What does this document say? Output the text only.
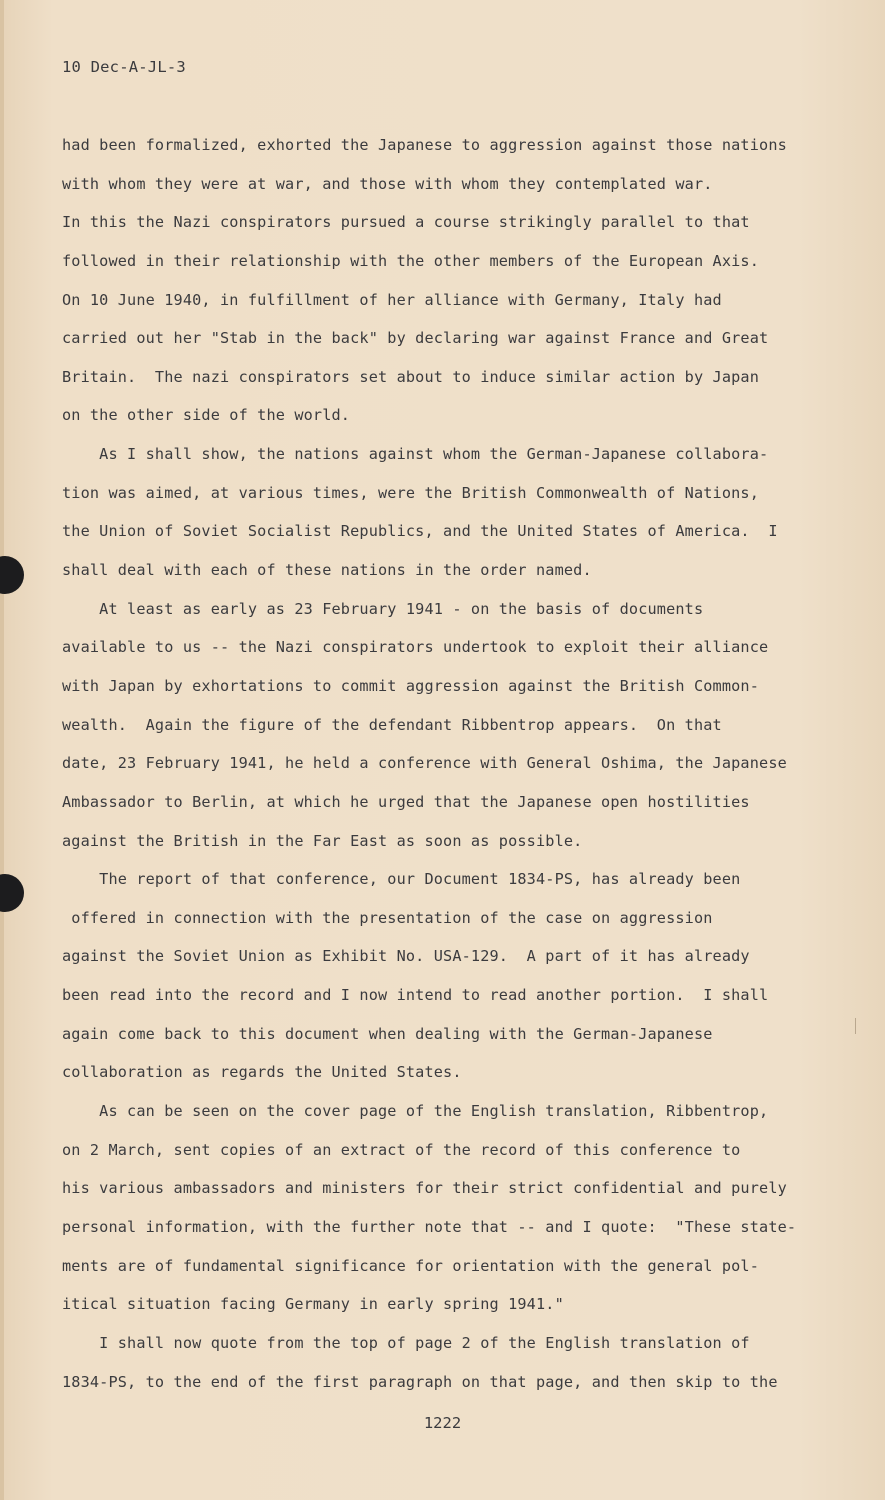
10 Dec-A-JL-3
had been formalized, exhorted the Japanese to aggression against those nations
with whom they were at war, and those with whom they contemplated war.
In this the Nazi conspirators pursued a course strikingly parallel to that
followed in their relationship with the other members of the European Axis.
On 10 June 1940, in fulfillment of her alliance with Germany, Italy had
carried out her "Stab in the back" by declaring war against France and Great
Britain.  The nazi conspirators set about to induce similar action by Japan
on the other side of the world.
As I shall show, the nations against whom the German-Japanese collabora-
tion was aimed, at various times, were the British Commonwealth of Nations,
the Union of Soviet Socialist Republics, and the United States of America.  I
shall deal with each of these nations in the order named.
At least as early as 23 February 1941 - on the basis of documents
available to us -- the Nazi conspirators undertook to exploit their alliance
with Japan by exhortations to commit aggression against the British Common-
wealth.  Again the figure of the defendant Ribbentrop appears.  On that
date, 23 February 1941, he held a conference with General Oshima, the Japanese
Ambassador to Berlin, at which he urged that the Japanese open hostilities
against the British in the Far East as soon as possible.
The report of that conference, our Document 1834-PS, has already been
offered in connection with the presentation of the case on aggression
against the Soviet Union as Exhibit No. USA-129.  A part of it has already
been read into the record and I now intend to read another portion.  I shall
again come back to this document when dealing with the German-Japanese
collaboration as regards the United States.
As can be seen on the cover page of the English translation, Ribbentrop,
on 2 March, sent copies of an extract of the record of this conference to
his various ambassadors and ministers for their strict confidential and purely
personal information, with the further note that -- and I quote:  "These state-
ments are of fundamental significance for orientation with the general pol-
itical situation facing Germany in early spring 1941."
I shall now quote from the top of page 2 of the English translation of
1834-PS, to the end of the first paragraph on that page, and then skip to the
1222
